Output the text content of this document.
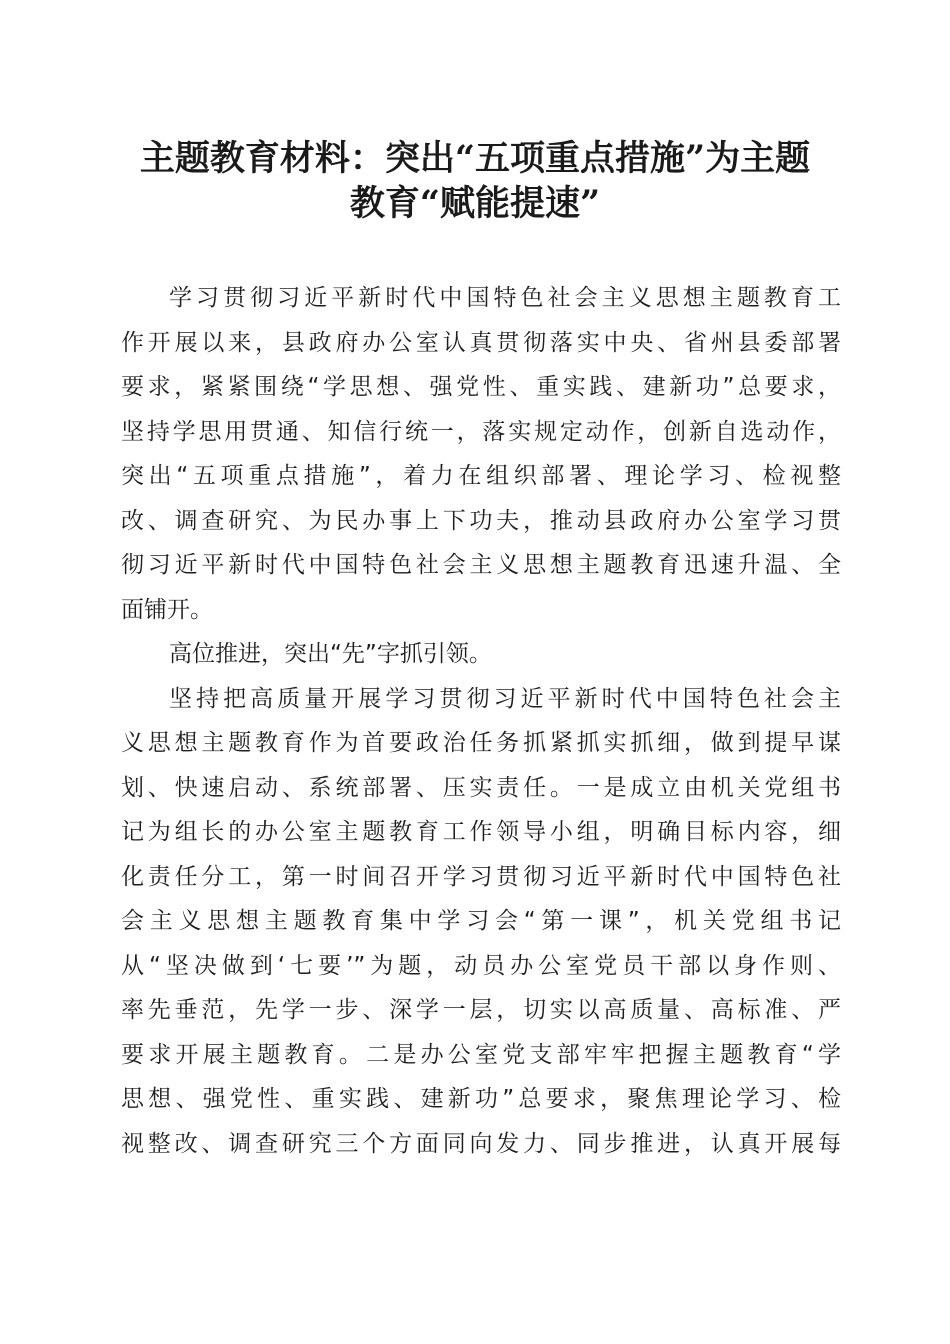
主题教育材料：突出“五项重点措施”为主题
教育“赋能提速”
学习贯彻习近平新时代中国特色社会主义思想主题教育工
作开展以来，县政府办公室认真贯彻落实中央、省州县委部署
要求，紧紧围绕“学思想、强党性、重实践、建新功”总要求，
坚持学思用贯通、知信行统一，落实规定动作，创新自选动作，
突出“五项重点措施”，着力在组织部署、理论学习、检视整
改、调查研究、为民办事上下功夫，推动县政府办公室学习贯
彻习近平新时代中国特色社会主义思想主题教育迅速升温、全
面铺开。
高位推进，突出“先”字抓引领。
坚持把高质量开展学习贯彻习近平新时代中国特色社会主
义思想主题教育作为首要政治任务抓紧抓实抓细，做到提早谋
划、快速启动、系统部署、压实责任。一是成立由机关党组书
记为组长的办公室主题教育工作领导小组，明确目标内容，细
化责任分工，第一时间召开学习贯彻习近平新时代中国特色社
会主义思想主题教育集中学习会“第一课”，机关党组书记
从“坚决做到‘七要’”为题，动员办公室党员干部以身作则、
率先垂范，先学一步、深学一层，切实以高质量、高标准、严
要求开展主题教育。二是办公室党支部牢牢把握主题教育“学
思想、强党性、重实践、建新功”总要求，聚焦理论学习、检
视整改、调查研究三个方面同向发力、同步推进，认真开展每
